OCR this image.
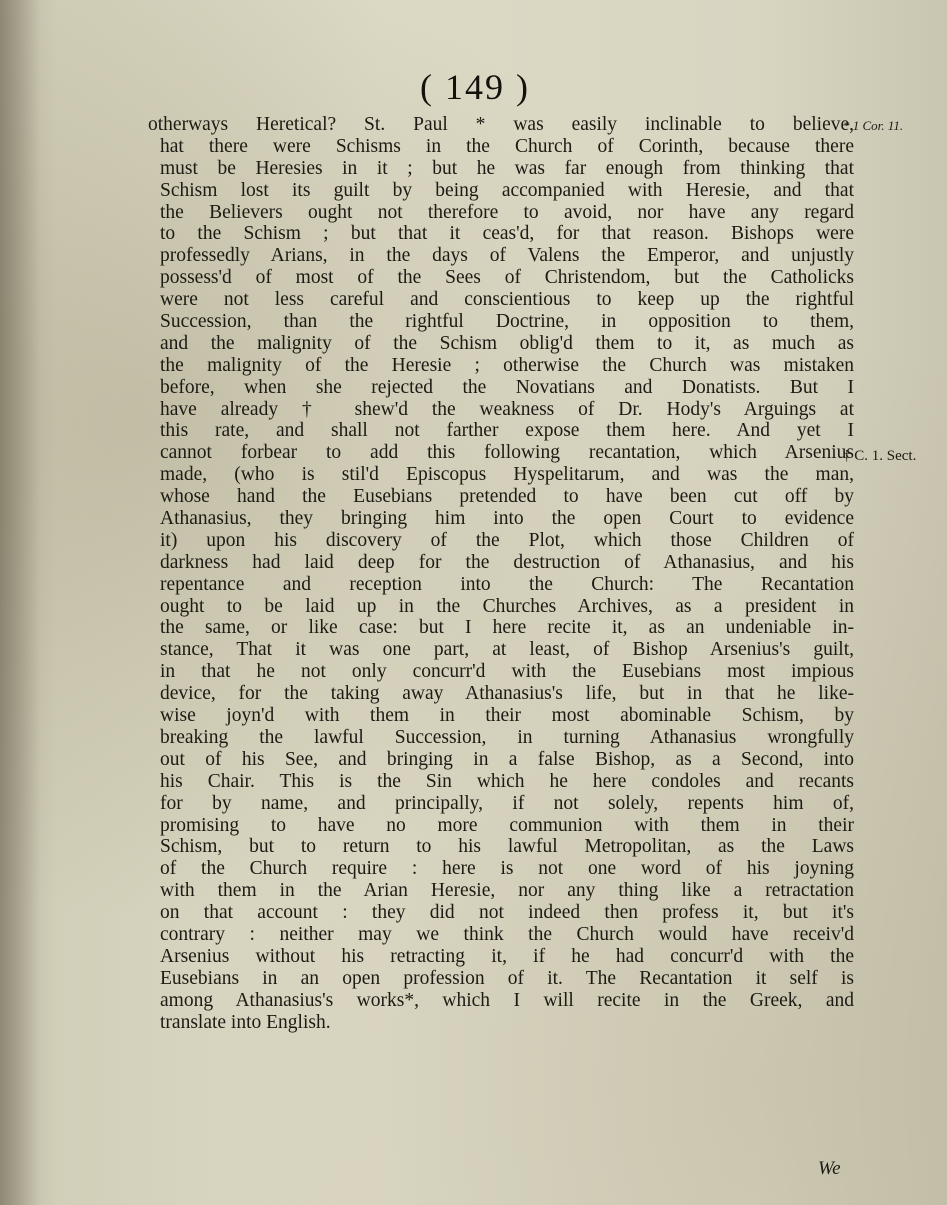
( 149 )
* 1 Cor. 11.
† C. 1. Sect.
otherways Heretical? St. Paul * was easily inclinable to believe,
hat there were Schisms in the Church of Corinth, because there
must be Heresies in it ; but he was far enough from thinking that
Schism lost its guilt by being accompanied with Heresie, and that
the Believers ought not therefore to avoid, nor have any regard
to the Schism ; but that it ceas'd, for that reason. Bishops were
professedly Arians, in the days of Valens the Emperor, and unjustly
possess'd of most of the Sees of Christendom, but the Catholicks
were not less careful and conscientious to keep up the rightful
Succession, than the rightful Doctrine, in opposition to them,
and the malignity of the Schism oblig'd them to it, as much as
the malignity of the Heresie ; otherwise the Church was mistaken
before, when she rejected the Novatians and Donatists. But I
have already † shew'd the weakness of Dr. Hody's Arguings at
this rate, and shall not farther expose them here. And yet I
cannot forbear to add this following recantation, which Arsenius
made, (who is stil'd Episcopus Hyspelitarum, and was the man,
whose hand the Eusebians pretended to have been cut off by
Athanasius, they bringing him into the open Court to evidence
it) upon his discovery of the Plot, which those Children of
darkness had laid deep for the destruction of Athanasius, and his
repentance and reception into the Church: The Recantation
ought to be laid up in the Churches Archives, as a president in
the same, or like case: but I here recite it, as an undeniable in-
stance, That it was one part, at least, of Bishop Arsenius's guilt,
in that he not only concurr'd with the Eusebians most impious
device, for the taking away Athanasius's life, but in that he like-
wise joyn'd with them in their most abominable Schism, by
breaking the lawful Succession, in turning Athanasius wrongfully
out of his See, and bringing in a false Bishop, as a Second, into
his Chair. This is the Sin which he here condoles and recants
for by name, and principally, if not solely, repents him of,
promising to have no more communion with them in their
Schism, but to return to his lawful Metropolitan, as the Laws
of the Church require : here is not one word of his joyning
with them in the Arian Heresie, nor any thing like a retractation
on that account : they did not indeed then profess it, but it's
contrary : neither may we think the Church would have receiv'd
Arsenius without his retracting it, if he had concurr'd with the
Eusebians in an open profession of it. The Recantation it self is
among Athanasius's works*, which I will recite in the Greek, and
translate into English.
We
